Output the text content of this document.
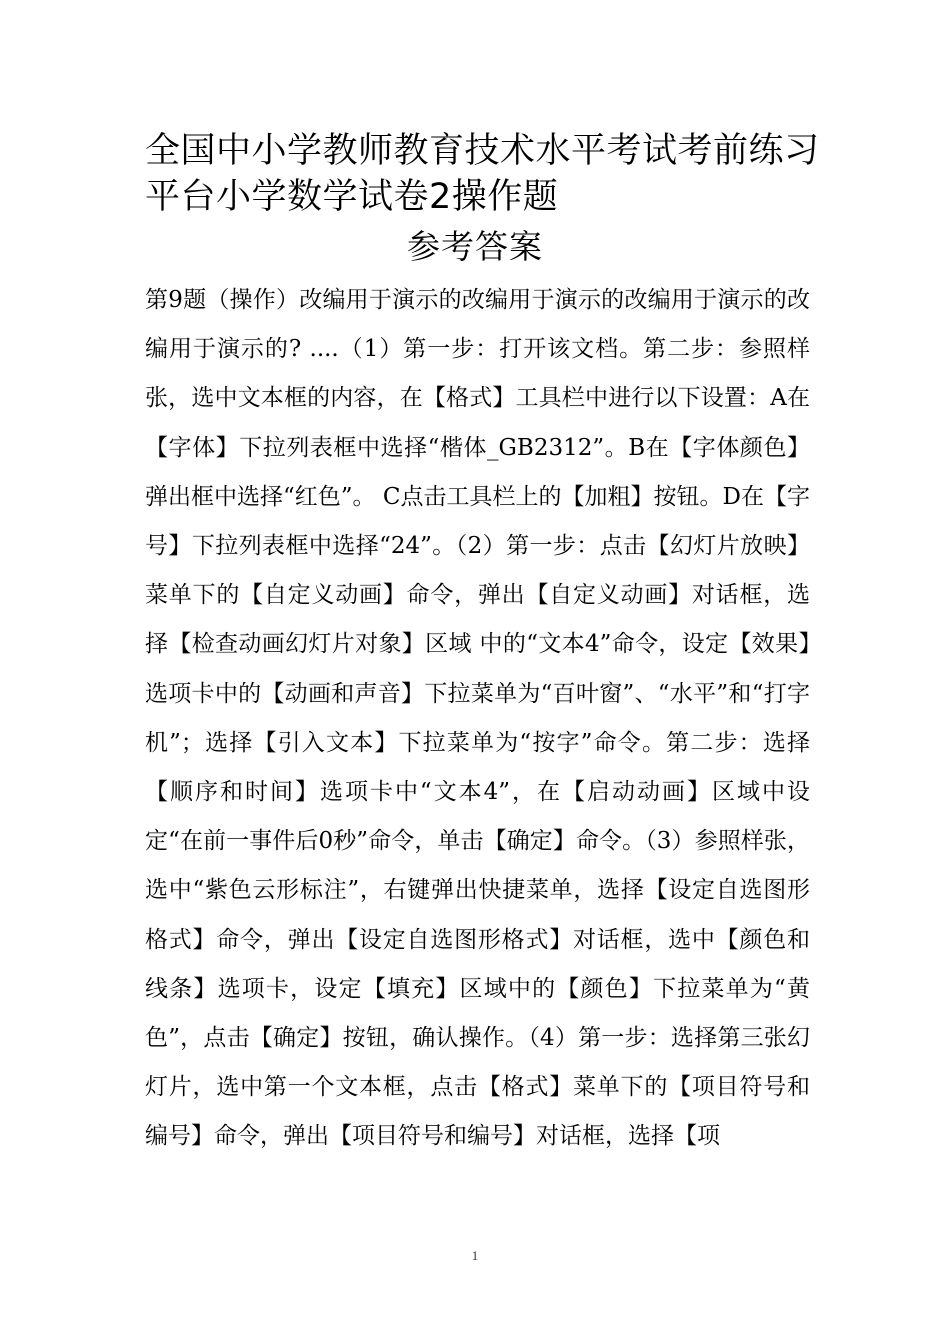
全国中小学教师教育技术水平考试考前练习平台小学数学试卷2操作题
参考答案

第9题（操作）改编用于演示的改编用于演示的改编用于演示的改编用于演示的? ....（1）第一步：打开该文档。第二步：参照样张，选中文本框的内容，在【格式】工具栏中进行以下设置：A在【字体】下拉列表框中选择“楷体_GB2312”。B在【字体颜色】弹出框中选择“红色”。 C点击工具栏上的【加粗】按钮。D在【字号】下拉列表框中选择“24”。（2）第一步：点击【幻灯片放映】菜单下的【自定义动画】命令，弹出【自定义动画】对话框，选择【检查动画幻灯片对象】区域 中的“文本4”命令，设定【效果】选项卡中的【动画和声音】下拉菜单为“百叶窗”、“水平”和“打字机”；选择【引入文本】下拉菜单为“按字”命令。第二步：选择【顺序和时间】选项卡中“文本4”，在【启动动画】区域中设定“在前一事件后0秒”命令，单击【确定】命令。（3）参照样张，选中“紫色云形标注”，右键弹出快捷菜单，选择【设定自选图形格式】命令，弹出【设定自选图形格式】对话框，选中【颜色和线条】选项卡，设定【填充】区域中的【颜色】下拉菜单为“黄色”，点击【确定】按钮，确认操作。（4）第一步：选择第三张幻灯片，选中第一个文本框，点击【格式】菜单下的【项目符号和编号】命令，弹出【项目符号和编号】对话框，选择【项

1
